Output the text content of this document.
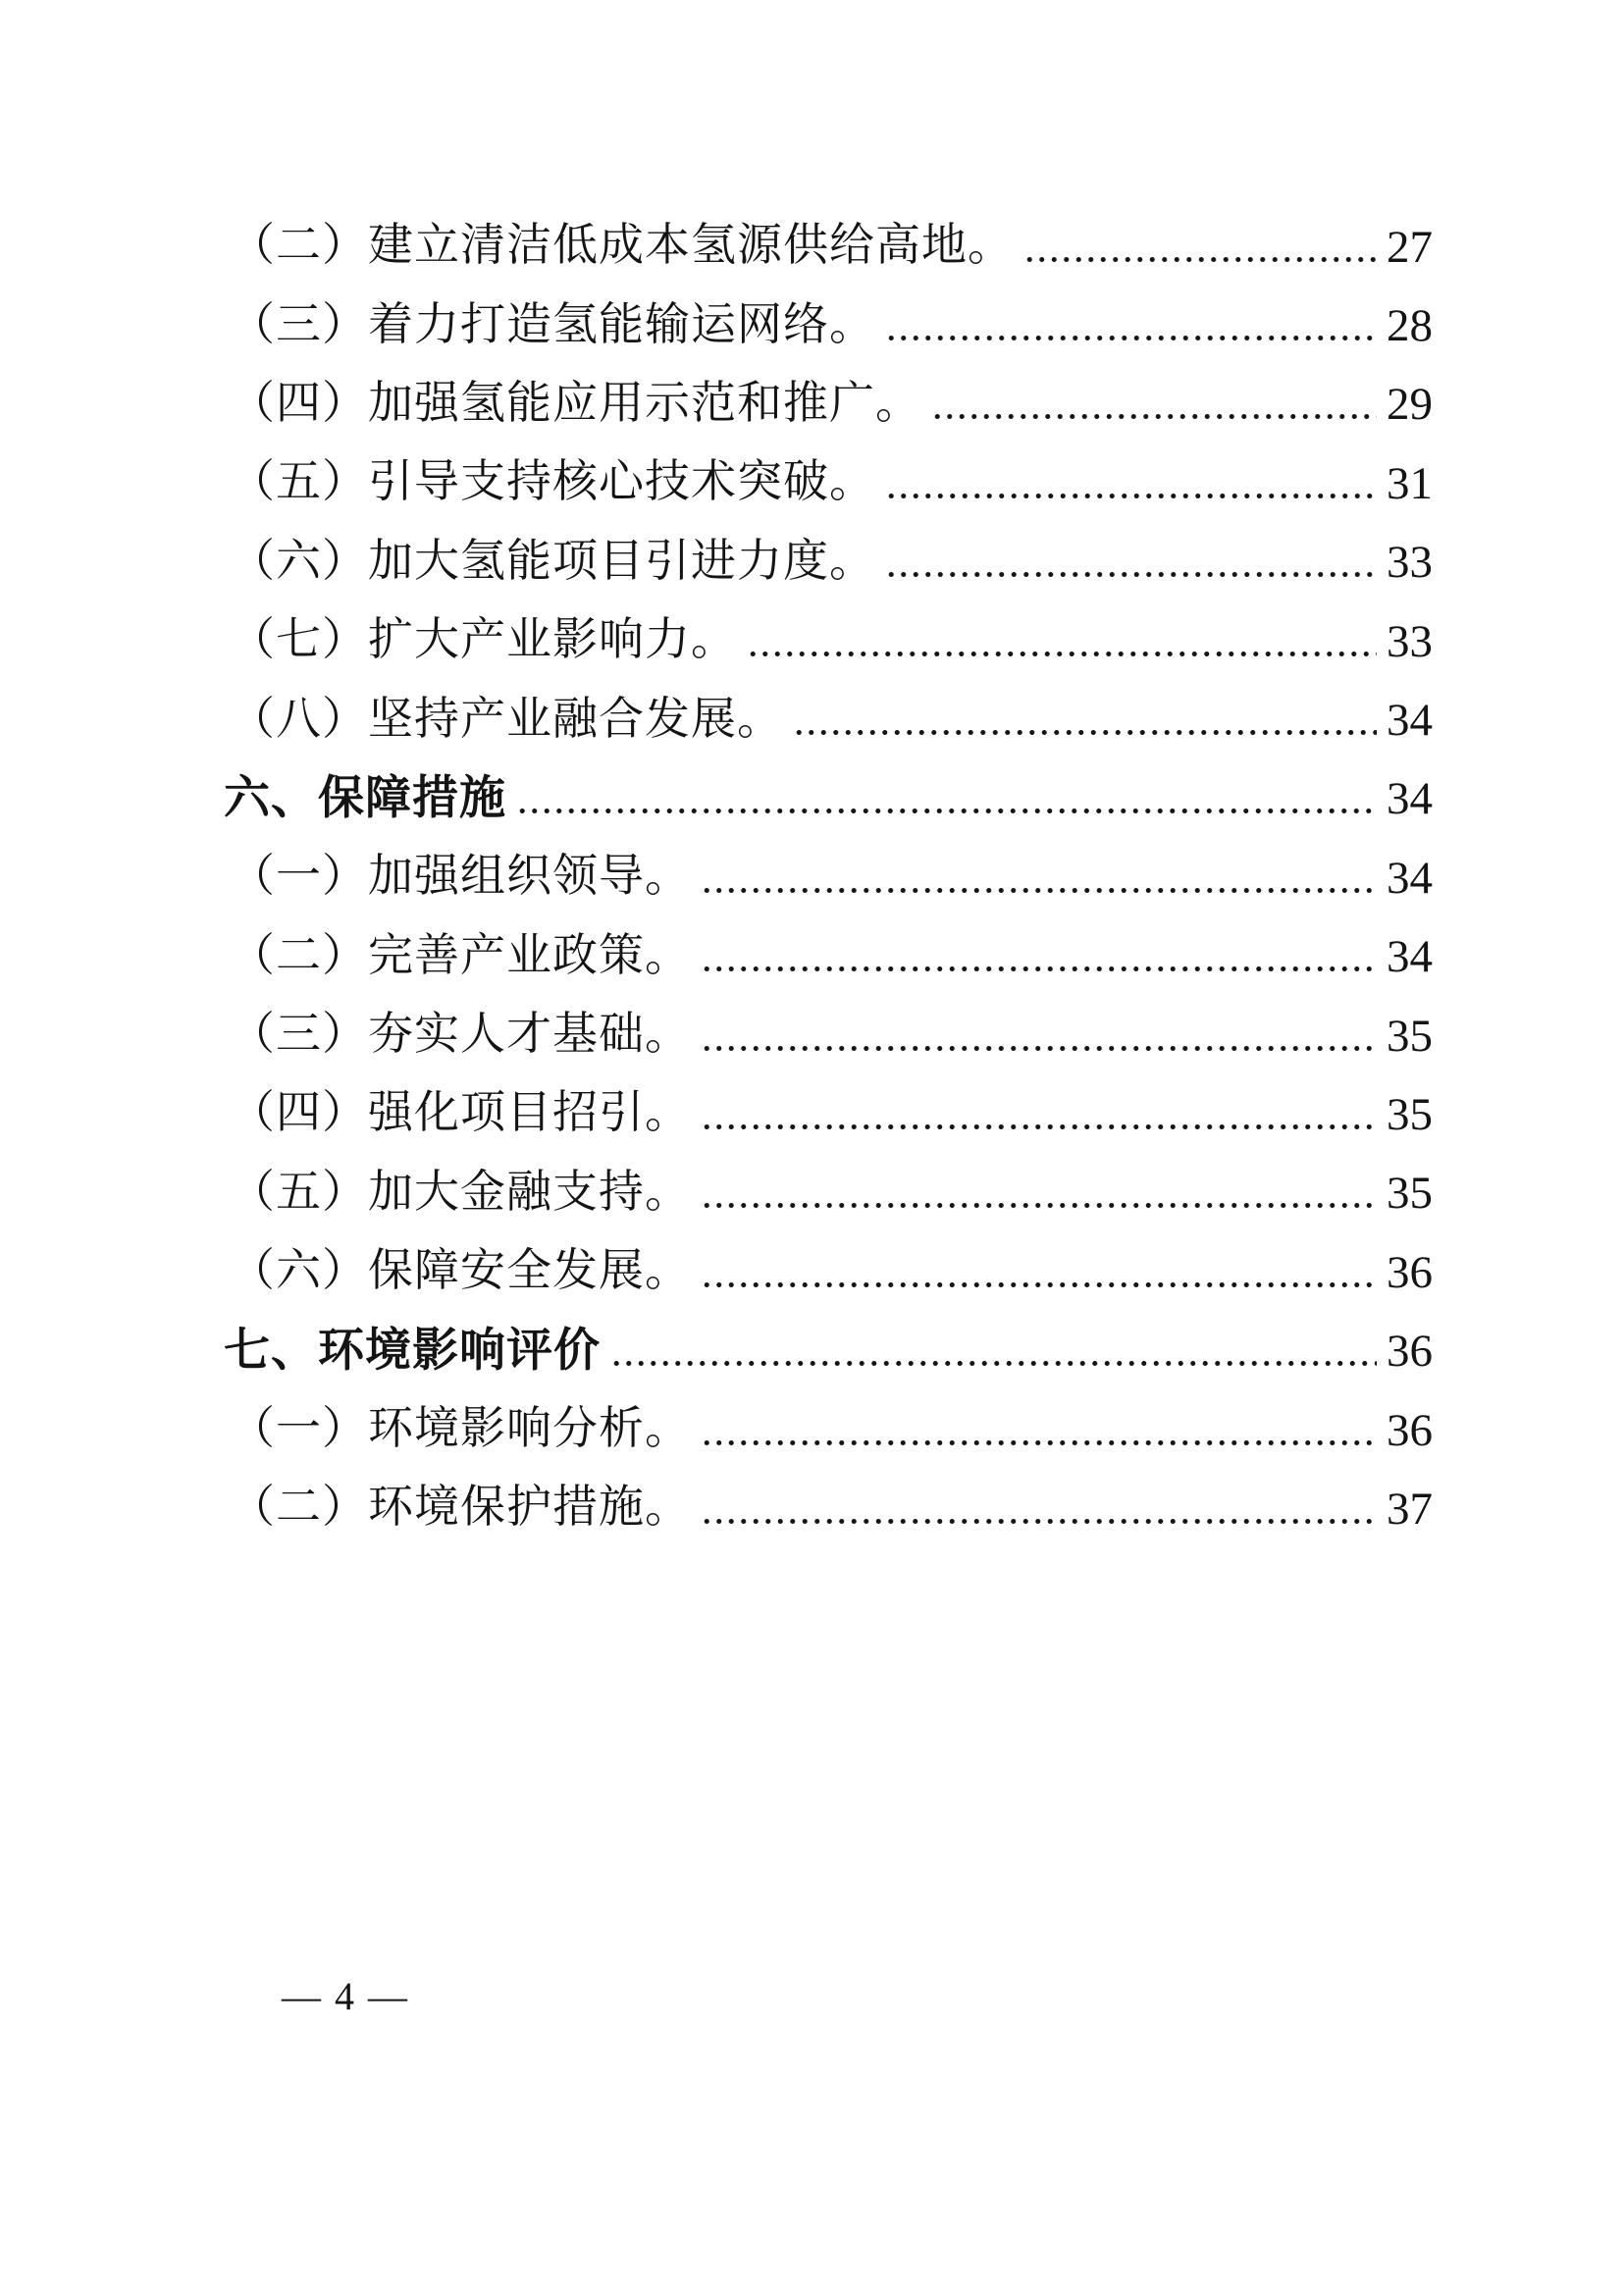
（二）建立清洁低成本氢源供给高地。	27
（三）着力打造氢能输运网络。	28
（四）加强氢能应用示范和推广。	29
（五）引导支持核心技术突破。	31
（六）加大氢能项目引进力度。	33
（七）扩大产业影响力。	33
（八）坚持产业融合发展。	34
六、保障措施	34
（一）加强组织领导。	34
（二）完善产业政策。	34
（三）夯实人才基础。	35
（四）强化项目招引。	35
（五）加大金融支持。	35
（六）保障安全发展。	36
七、环境影响评价	36
（一）环境影响分析。	36
（二）环境保护措施。	37
— 4 —
